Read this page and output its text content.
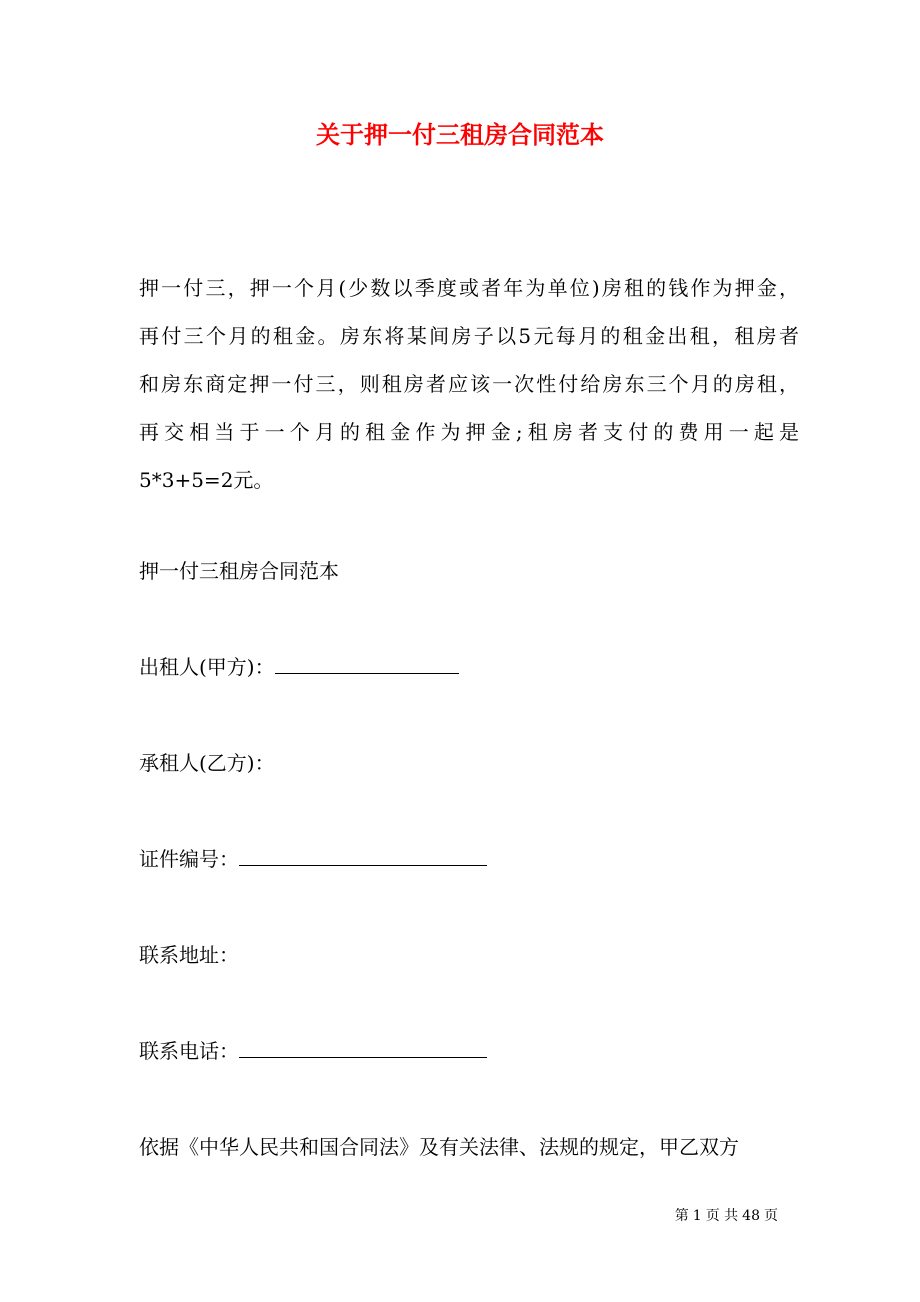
关于押一付三租房合同范本
押一付三，押一个月(少数以季度或者年为单位)房租的钱作为押金，
再付三个月的租金。房东将某间房子以5元每月的租金出租，租房者
和房东商定押一付三，则租房者应该一次性付给房东三个月的房租，
再交相当于一个月的租金作为押金;租房者支付的费用一起是
5*3+5=2元。
押一付三租房合同范本
出租人(甲方)：
承租人(乙方)：
证件编号：
联系地址：
联系电话：
依据《中华人民共和国合同法》及有关法律、法规的规定，甲乙双方
第 1 页 共 48 页
